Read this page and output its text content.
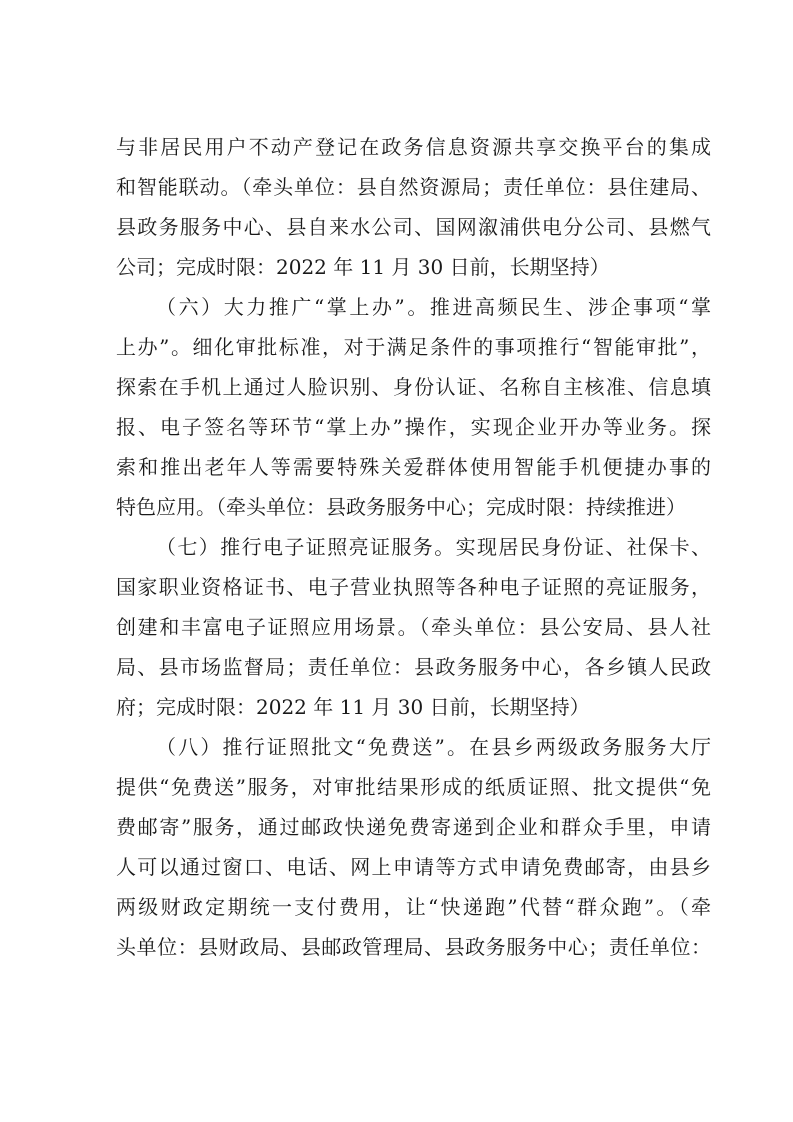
与非居民用户不动产登记在政务信息资源共享交换平台的集成
和智能联动。（牵头单位：县自然资源局；责任单位：县住建局、
县政务服务中心、县自来水公司、国网溆浦供电分公司、县燃气
公司；完成时限：2022 年 11 月 30 日前，长期坚持）
（六）大力推广“掌上办”。推进高频民生、涉企事项“掌
上办”。细化审批标准，对于满足条件的事项推行“智能审批”，
探索在手机上通过人脸识别、身份认证、名称自主核准、信息填
报、电子签名等环节“掌上办”操作，实现企业开办等业务。探
索和推出老年人等需要特殊关爱群体使用智能手机便捷办事的
特色应用。（牵头单位：县政务服务中心；完成时限：持续推进）
（七）推行电子证照亮证服务。实现居民身份证、社保卡、
国家职业资格证书、电子营业执照等各种电子证照的亮证服务，
创建和丰富电子证照应用场景。（牵头单位：县公安局、县人社
局、县市场监督局；责任单位：县政务服务中心，各乡镇人民政
府；完成时限：2022 年 11 月 30 日前，长期坚持）
（八）推行证照批文“免费送”。在县乡两级政务服务大厅
提供“免费送”服务，对审批结果形成的纸质证照、批文提供“免
费邮寄”服务，通过邮政快递免费寄递到企业和群众手里，申请
人可以通过窗口、电话、网上申请等方式申请免费邮寄，由县乡
两级财政定期统一支付费用，让“快递跑”代替“群众跑”。（牵
头单位：县财政局、县邮政管理局、县政务服务中心；责任单位：
